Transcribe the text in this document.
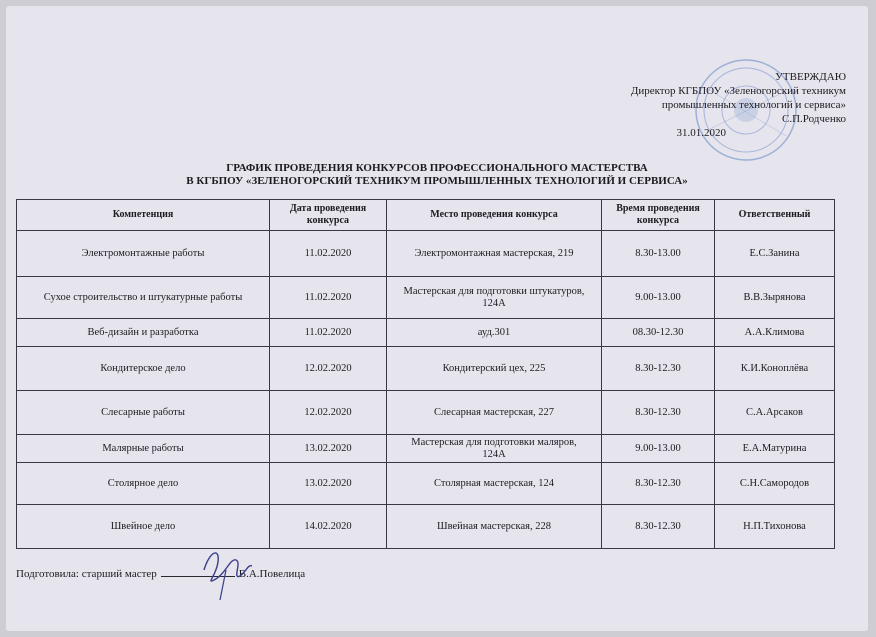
УТВЕРЖДАЮ
Директор КГБПОУ «Зеленогорский техникум
промышленных технологий и сервиса»
С.П.Родченко
31.01.2020
ГРАФИК ПРОВЕДЕНИЯ КОНКУРСОВ ПРОФЕССИОНАЛЬНОГО МАСТЕРСТВА
В КГБПОУ «ЗЕЛЕНОГОРСКИЙ ТЕХНИКУМ ПРОМЫШЛЕННЫХ ТЕХНОЛОГИЙ И СЕРВИСА»
Компетенция	Дата проведения конкурса	Место проведения конкурса	Время проведения конкурса	Ответственный
Электромонтажные работы	11.02.2020	Электромонтажная мастерская, 219	8.30-13.00	Е.С.Занина
Сухое строительство и штукатурные работы	11.02.2020	Мастерская для подготовки штукатуров,
124А	9.00-13.00	В.В.Зырянова
Веб-дизайн и разработка	11.02.2020	ауд.301	08.30-12.30	А.А.Климова
Кондитерское дело	12.02.2020	Кондитерский цех, 225	8.30-12.30	К.И.Коноплёва
Слесарные работы	12.02.2020	Слесарная мастерская, 227	8.30-12.30	С.А.Арсаков
Малярные работы	13.02.2020	Мастерская для подготовки маляров,
124А	9.00-13.00	Е.А.Матурина
Столярное дело	13.02.2020	Столярная мастерская, 124	8.30-12.30	С.Н.Самородов
Швейное дело	14.02.2020	Швейная мастерская, 228	8.30-12.30	Н.П.Тихонова
Подготовила: старший мастер	В.А.Повелица
